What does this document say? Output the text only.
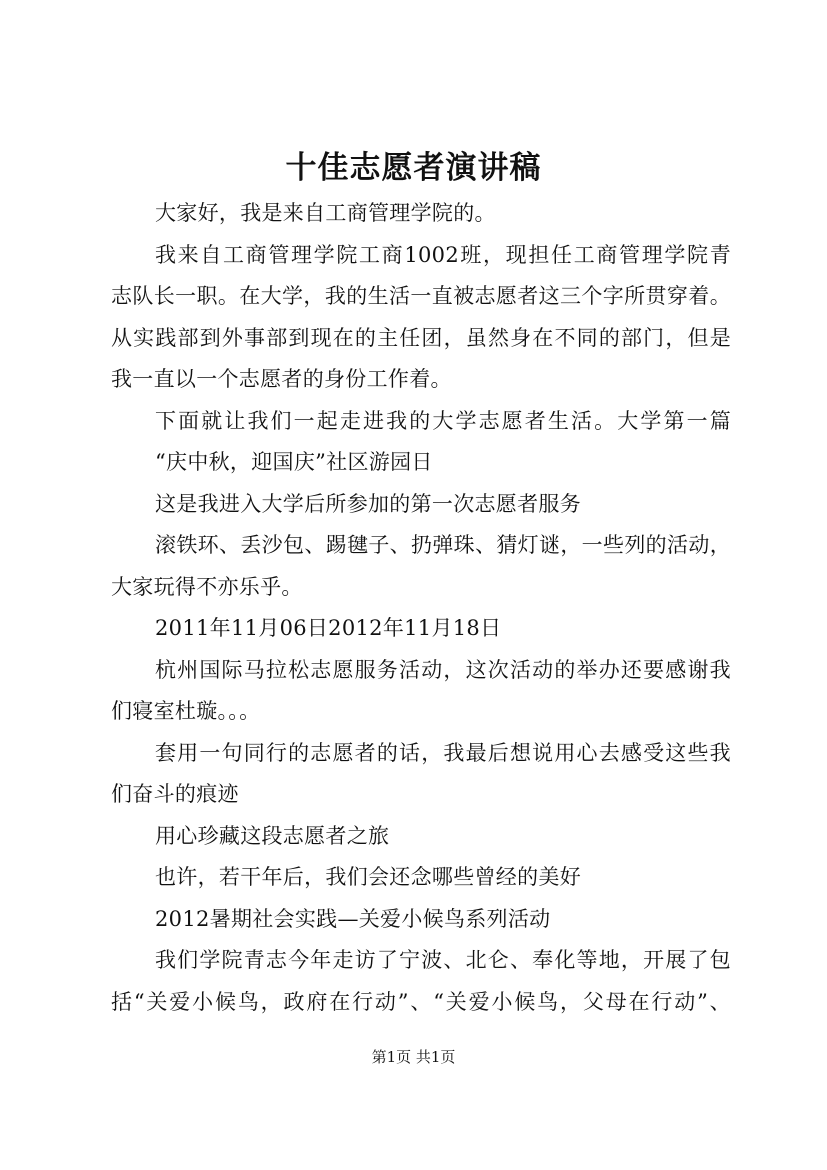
十佳志愿者演讲稿
大家好，我是来自工商管理学院的。
我来自工商管理学院工商1002班，现担任工商管理学院青
志队长一职。在大学，我的生活一直被志愿者这三个字所贯穿着。
从实践部到外事部到现在的主任团，虽然身在不同的部门，但是
我一直以一个志愿者的身份工作着。
下面就让我们一起走进我的大学志愿者生活。大学第一篇
“庆中秋，迎国庆”社区游园日
这是我进入大学后所参加的第一次志愿者服务
滚铁环、丢沙包、踢毽子、扔弹珠、猜灯谜，一些列的活动，
大家玩得不亦乐乎。
2011年11月06日2012年11月18日
杭州国际马拉松志愿服务活动，这次活动的举办还要感谢我
们寝室杜璇。。。
套用一句同行的志愿者的话，我最后想说用心去感受这些我
们奋斗的痕迹
用心珍藏这段志愿者之旅
也许，若干年后，我们会还念哪些曾经的美好
2012暑期社会实践—关爱小候鸟系列活动
我们学院青志今年走访了宁波、北仑、奉化等地，开展了包
括“关爱小候鸟，政府在行动”、“关爱小候鸟，父母在行动”、
第1页 共1页
